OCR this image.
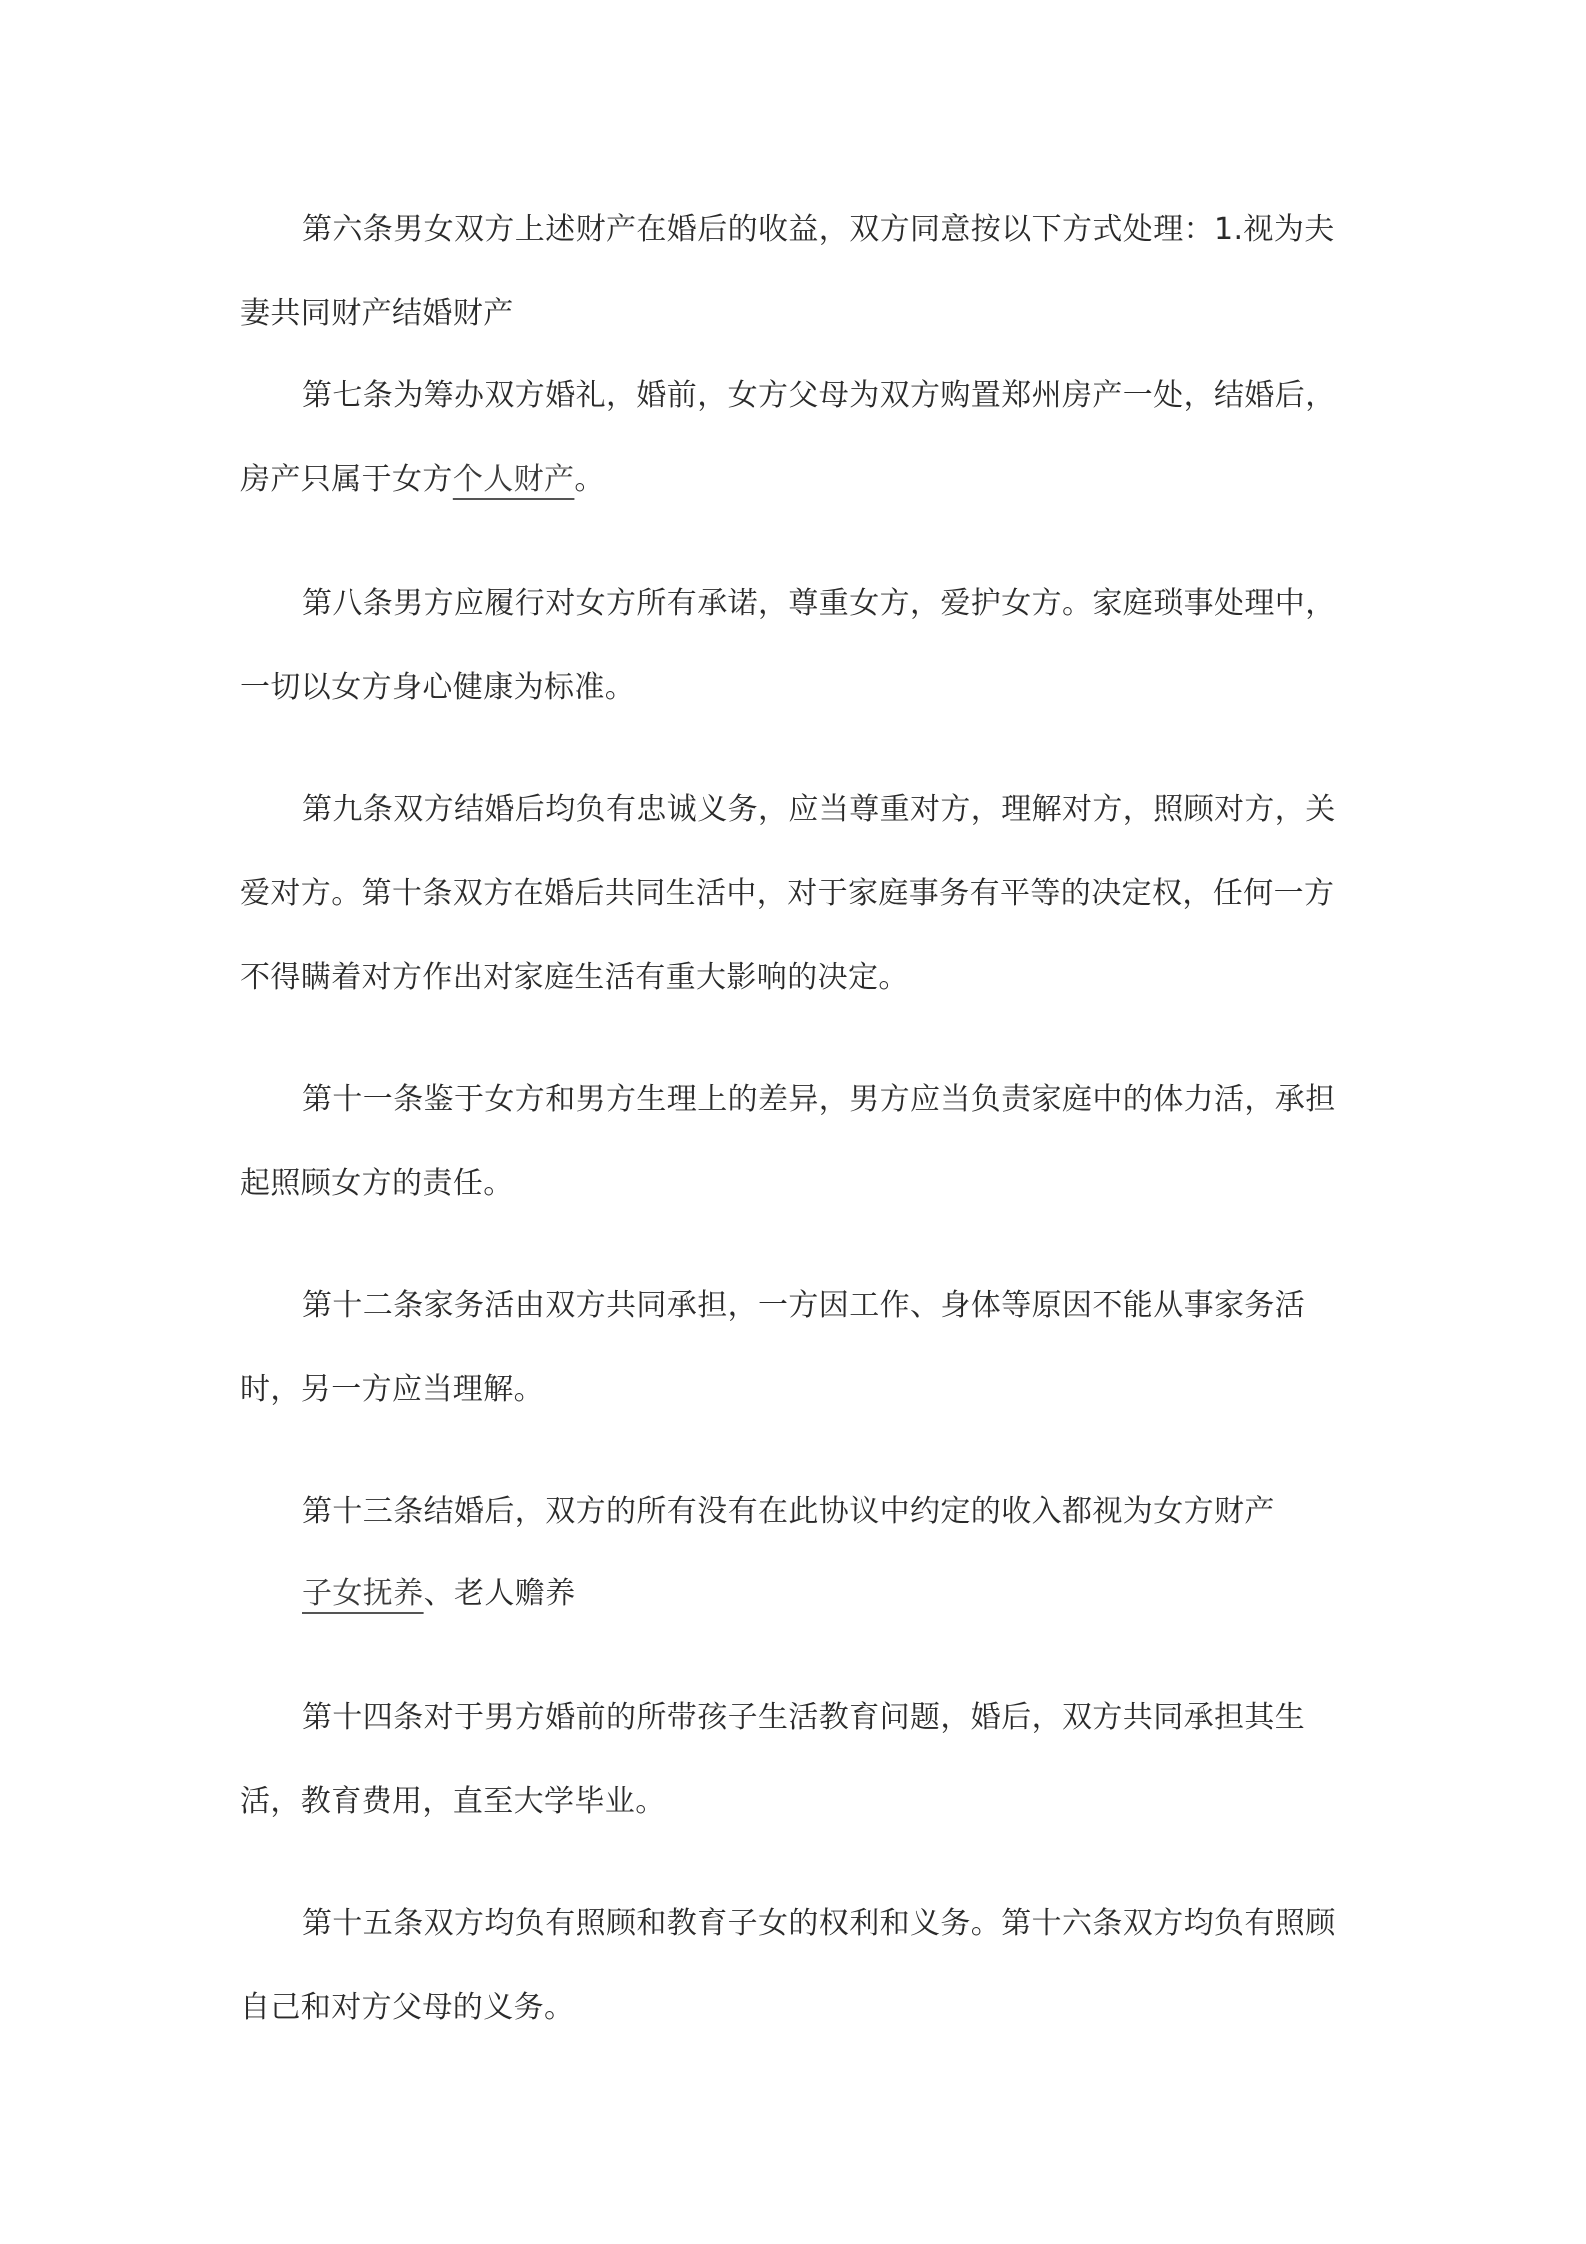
第六条男女双方上述财产在婚后的收益，双方同意按以下方式处理：1.视为夫妻共同财产结婚财产

第七条为筹办双方婚礼，婚前，女方父母为双方购置郑州房产一处，结婚后，房产只属于女方个人财产。

第八条男方应履行对女方所有承诺，尊重女方，爱护女方。家庭琐事处理中，一切以女方身心健康为标准。

第九条双方结婚后均负有忠诚义务，应当尊重对方，理解对方，照顾对方，关爱对方。第十条双方在婚后共同生活中，对于家庭事务有平等的决定权，任何一方不得瞒着对方作出对家庭生活有重大影响的决定。

第十一条鉴于女方和男方生理上的差异，男方应当负责家庭中的体力活，承担起照顾女方的责任。

第十二条家务活由双方共同承担，一方因工作、身体等原因不能从事家务活时，另一方应当理解。

第十三条结婚后，双方的所有没有在此协议中约定的收入都视为女方财产

子女抚养、老人赡养

第十四条对于男方婚前的所带孩子生活教育问题，婚后，双方共同承担其生活，教育费用，直至大学毕业。

第十五条双方均负有照顾和教育子女的权利和义务。第十六条双方均负有照顾自己和对方父母的义务。
